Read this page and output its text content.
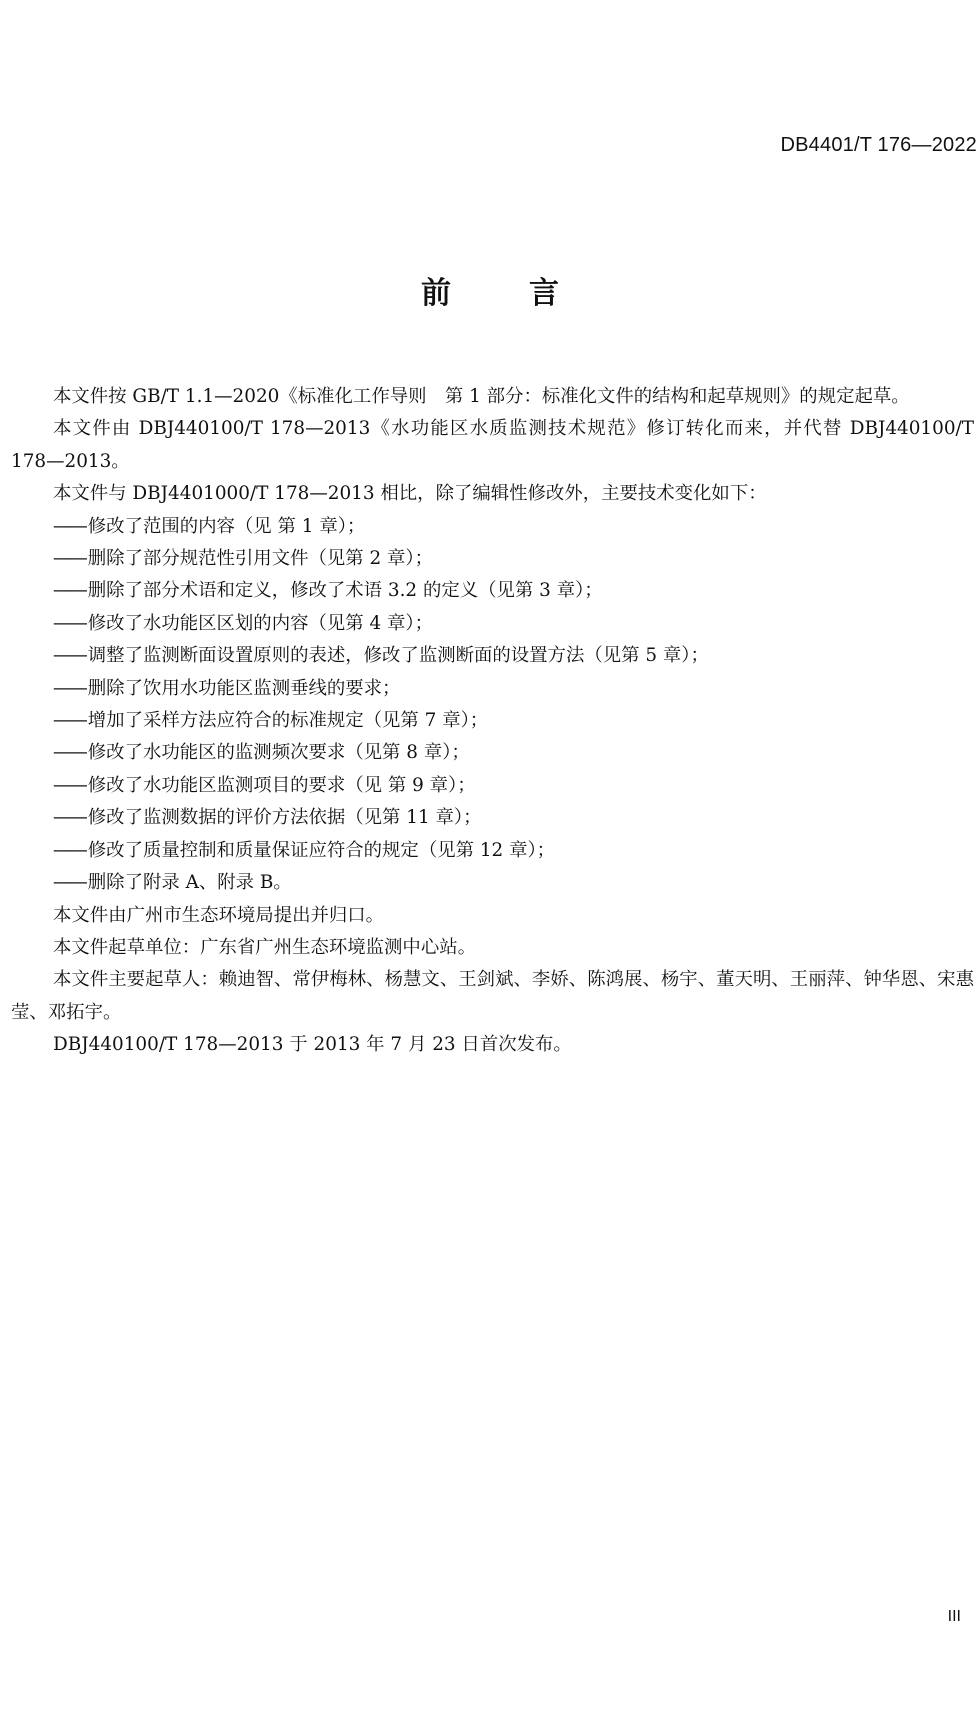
DB4401/T 176—2022
前	言

本文件按 GB/T 1.1—2020《标准化工作导则　第 1 部分：标准化文件的结构和起草规则》的规定起草。

本文件由 DBJ440100/T 178—2013《水功能区水质监测技术规范》修订转化而来，并代替 DBJ440100/T 178—2013。

本文件与 DBJ4401000/T 178—2013 相比，除了编辑性修改外，主要技术变化如下：

—— 修改了范围的内容（见 第 1 章）；
—— 删除了部分规范性引用文件（见第 2 章）；
—— 删除了部分术语和定义，修改了术语 3.2 的定义（见第 3 章）；
—— 修改了水功能区区划的内容（见第 4 章）；
—— 调整了监测断面设置原则的表述，修改了监测断面的设置方法（见第 5 章）；
—— 删除了饮用水功能区监测垂线的要求；
—— 增加了采样方法应符合的标准规定（见第 7 章）；
—— 修改了水功能区的监测频次要求（见第 8 章）；
—— 修改了水功能区监测项目的要求（见 第 9 章）；
—— 修改了监测数据的评价方法依据（见第 11 章）；
—— 修改了质量控制和质量保证应符合的规定（见第 12 章）；
—— 删除了附录 A、附录 B。

本文件由广州市生态环境局提出并归口。

本文件起草单位：广东省广州生态环境监测中心站。

本文件主要起草人：赖迪智、常伊梅林、杨慧文、王剑斌、李娇、陈鸿展、杨宇、董天明、王丽萍、钟华恩、宋惠莹、邓拓宇。

DBJ440100/T 178—2013 于 2013 年 7 月 23 日首次发布。

III
